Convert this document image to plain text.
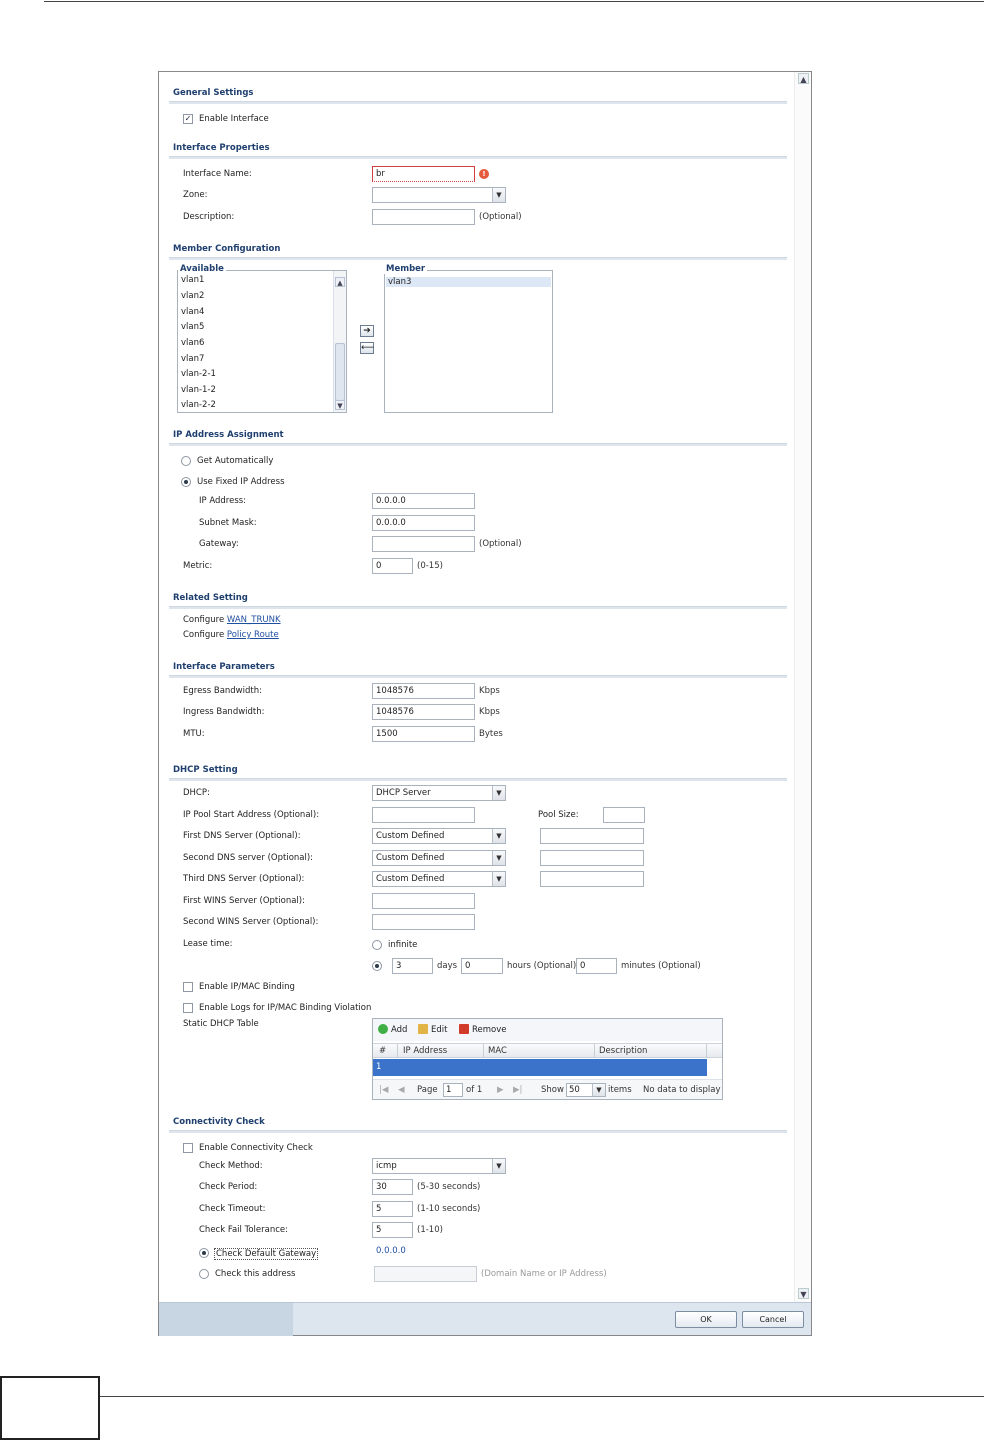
General Settings
✓ Enable Interface
Interface Properties
Interface Name:	br	!
Zone:	▼
Description:	(Optional)
Member Configuration
vlan1
vlan2
vlan4
vlan5
vlan6
vlan7
vlan-2-1
vlan-1-2
vlan-2-2
▲
▼
Available
➔
⟵
vlan3
Member
IP Address Assignment
Get Automatically
Use Fixed IP Address
IP Address:	0.0.0.0
Subnet Mask:	0.0.0.0
Gateway:	(Optional)
Metric:	0	(0-15)
Related Setting
Configure WAN_TRUNK
Configure Policy Route
Interface Parameters
Egress Bandwidth:	1048576	Kbps
Ingress Bandwidth:	1048576	Kbps
MTU:	1500	Bytes
DHCP Setting
DHCP:	DHCP Server	▼
IP Pool Start Address (Optional):	Pool Size:
First DNS Server (Optional):	Custom Defined	▼
Second DNS server (Optional):	Custom Defined	▼
Third DNS Server (Optional):	Custom Defined	▼
First WINS Server (Optional):
Second WINS Server (Optional):
Lease time:	infinite
3	days 0	hours (Optional) 0	minutes (Optional)
Enable IP/MAC Binding
Enable Logs for IP/MAC Binding Violation
Static DHCP Table
Add	Edit	Remove
# IP Address	MAC	Description
1
|◀ ◀ Page 1	of 1 ▶ ▶| Show 50	▼ items No data to display
Connectivity Check
Enable Connectivity Check
Check Method:	icmp	▼
Check Period:	30	(5-30 seconds)
Check Timeout:	5	(1-10 seconds)
Check Fail Tolerance:	5	(1-10)
Check Default Gateway	0.0.0.0
Check this address	(Domain Name or IP Address)
▲
▼
OK	Cancel
